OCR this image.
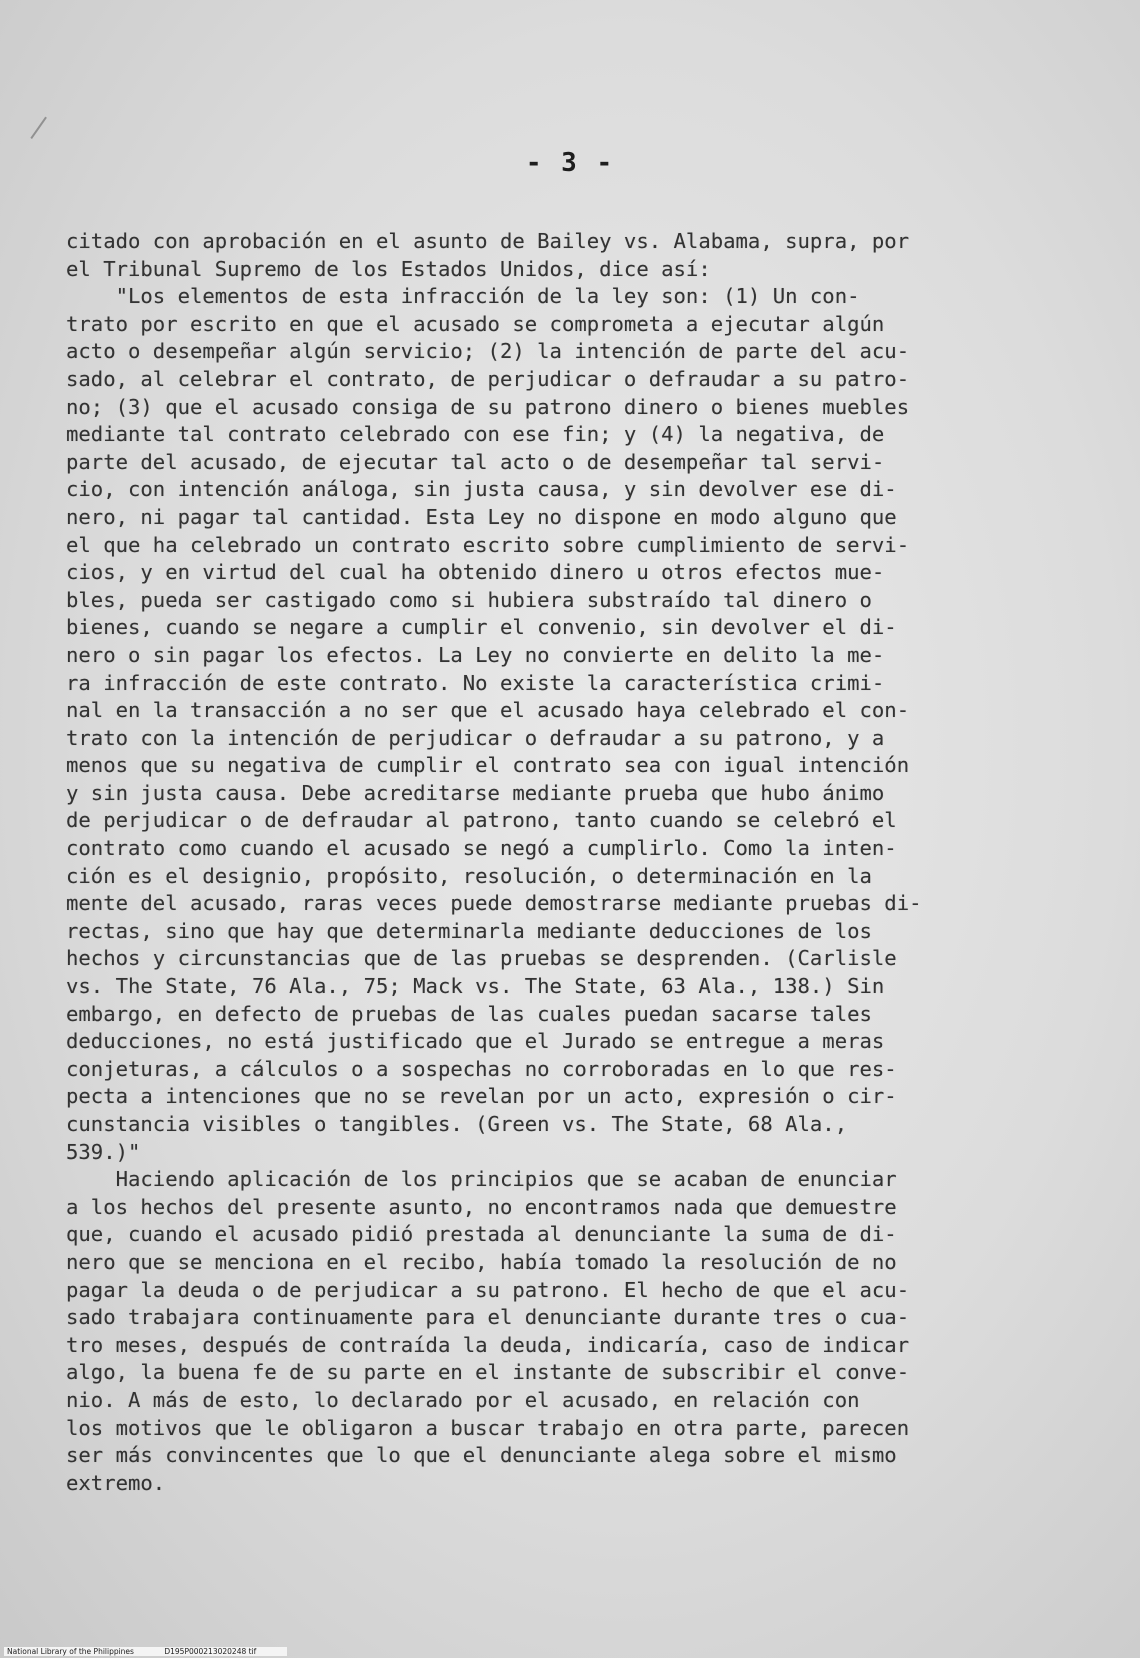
- 3 -
citado con aprobación en el asunto de Bailey vs. Alabama, supra, por
el Tribunal Supremo de los Estados Unidos, dice así:
"Los elementos de esta infracción de la ley son: (1) Un con-
trato por escrito en que el acusado se comprometa a ejecutar algún
acto o desempeñar algún servicio; (2) la intención de parte del acu-
sado, al celebrar el contrato, de perjudicar o defraudar a su patro-
no; (3) que el acusado consiga de su patrono dinero o bienes muebles
mediante tal contrato celebrado con ese fin; y (4) la negativa, de
parte del acusado, de ejecutar tal acto o de desempeñar tal servi-
cio, con intención análoga, sin justa causa, y sin devolver ese di-
nero, ni pagar tal cantidad. Esta Ley no dispone en modo alguno que
el que ha celebrado un contrato escrito sobre cumplimiento de servi-
cios, y en virtud del cual ha obtenido dinero u otros efectos mue-
bles, pueda ser castigado como si hubiera substraído tal dinero o
bienes, cuando se negare a cumplir el convenio, sin devolver el di-
nero o sin pagar los efectos. La Ley no convierte en delito la me-
ra infracción de este contrato. No existe la característica crimi-
nal en la transacción a no ser que el acusado haya celebrado el con-
trato con la intención de perjudicar o defraudar a su patrono, y a
menos que su negativa de cumplir el contrato sea con igual intención
y sin justa causa. Debe acreditarse mediante prueba que hubo ánimo
de perjudicar o de defraudar al patrono, tanto cuando se celebró el
contrato como cuando el acusado se negó a cumplirlo. Como la inten-
ción es el designio, propósito, resolución, o determinación en la
mente del acusado, raras veces puede demostrarse mediante pruebas di-
rectas, sino que hay que determinarla mediante deducciones de los
hechos y circunstancias que de las pruebas se desprenden. (Carlisle
vs. The State, 76 Ala., 75; Mack vs. The State, 63 Ala., 138.) Sin
embargo, en defecto de pruebas de las cuales puedan sacarse tales
deducciones, no está justificado que el Jurado se entregue a meras
conjeturas, a cálculos o a sospechas no corroboradas en lo que res-
pecta a intenciones que no se revelan por un acto, expresión o cir-
cunstancia visibles o tangibles. (Green vs. The State, 68 Ala.,
539.)"
Haciendo aplicación de los principios que se acaban de enunciar
a los hechos del presente asunto, no encontramos nada que demuestre
que, cuando el acusado pidió prestada al denunciante la suma de di-
nero que se menciona en el recibo, había tomado la resolución de no
pagar la deuda o de perjudicar a su patrono. El hecho de que el acu-
sado trabajara continuamente para el denunciante durante tres o cua-
tro meses, después de contraída la deuda, indicaría, caso de indicar
algo, la buena fe de su parte en el instante de subscribir el conve-
nio. A más de esto, lo declarado por el acusado, en relación con
los motivos que le obligaron a buscar trabajo en otra parte, parecen
ser más convincentes que lo que el denunciante alega sobre el mismo
extremo.
National Library of the Philippines	D195P000213020248 tif
